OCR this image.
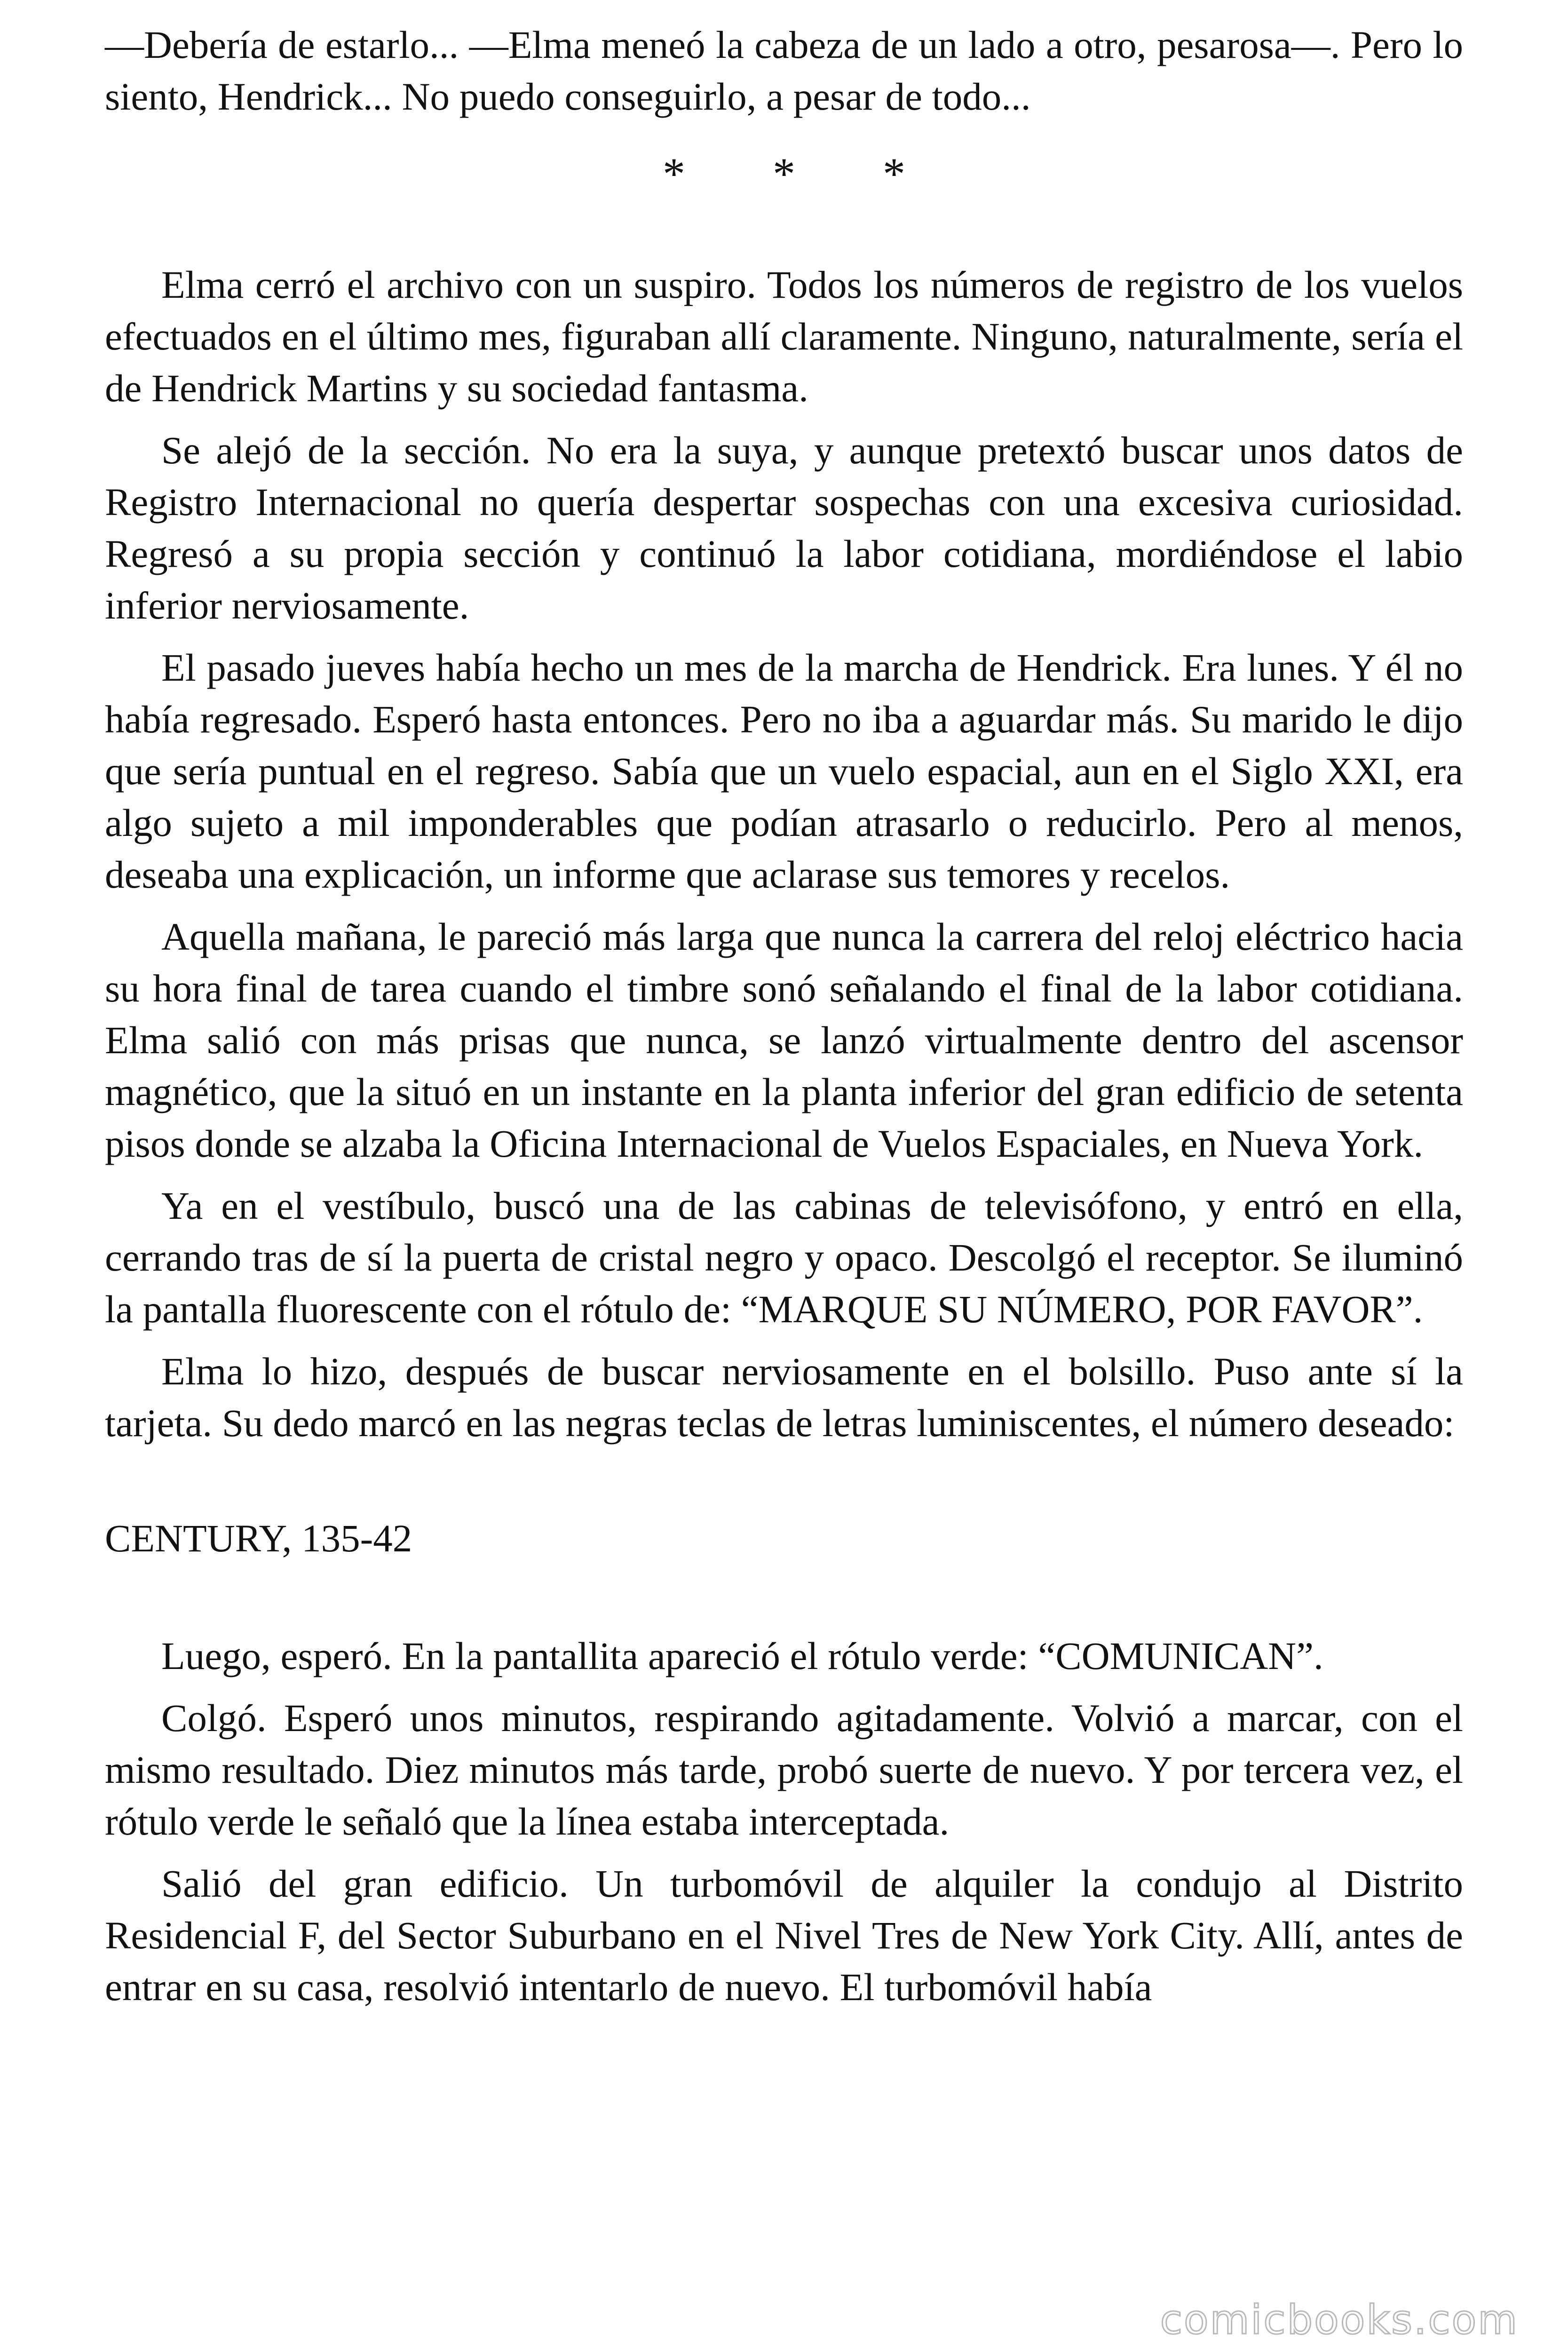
—Debería de estarlo... —Elma meneó la cabeza de un lado a otro, pesarosa—. Pero lo siento, Hendrick... No puedo conseguirlo, a pesar de todo...

* * *

Elma cerró el archivo con un suspiro. Todos los números de registro de los vuelos efectuados en el último mes, figuraban allí claramente. Ninguno, naturalmente, sería el de Hendrick Martins y su sociedad fantasma.

Se alejó de la sección. No era la suya, y aunque pretextó buscar unos datos de Registro Internacional no quería despertar sospechas con una excesiva curiosidad. Regresó a su propia sección y continuó la labor cotidiana, mordiéndose el labio inferior nerviosamente.

El pasado jueves había hecho un mes de la marcha de Hendrick. Era lunes. Y él no había regresado. Esperó hasta entonces. Pero no iba a aguardar más. Su marido le dijo que sería puntual en el regreso. Sabía que un vuelo espacial, aun en el Siglo XXI, era algo sujeto a mil imponderables que podían atrasarlo o reducirlo. Pero al menos, deseaba una explicación, un informe que aclarase sus temores y recelos.

Aquella mañana, le pareció más larga que nunca la carrera del reloj eléctrico hacia su hora final de tarea cuando el timbre sonó señalando el final de la labor cotidiana. Elma salió con más prisas que nunca, se lanzó virtualmente dentro del ascensor magnético, que la situó en un instante en la planta inferior del gran edificio de setenta pisos donde se alzaba la Oficina Internacional de Vuelos Espaciales, en Nueva York.

Ya en el vestíbulo, buscó una de las cabinas de televisófono, y entró en ella, cerrando tras de sí la puerta de cristal negro y opaco. Descolgó el receptor. Se iluminó la pantalla fluorescente con el rótulo de: “MARQUE SU NÚMERO, POR FAVOR”.

Elma lo hizo, después de buscar nerviosamente en el bolsillo. Puso ante sí la tarjeta. Su dedo marcó en las negras teclas de letras luminiscentes, el número deseado:

CENTURY, 135-42

Luego, esperó. En la pantallita apareció el rótulo verde: “COMUNICAN”.

Colgó. Esperó unos minutos, respirando agitadamente. Volvió a marcar, con el mismo resultado. Diez minutos más tarde, probó suerte de nuevo. Y por tercera vez, el rótulo verde le señaló que la línea estaba interceptada.

Salió del gran edificio. Un turbomóvil de alquiler la condujo al Distrito Residencial F, del Sector Suburbano en el Nivel Tres de New York City. Allí, antes de entrar en su casa, resolvió intentarlo de nuevo. El turbomóvil había

comicbooks.com
